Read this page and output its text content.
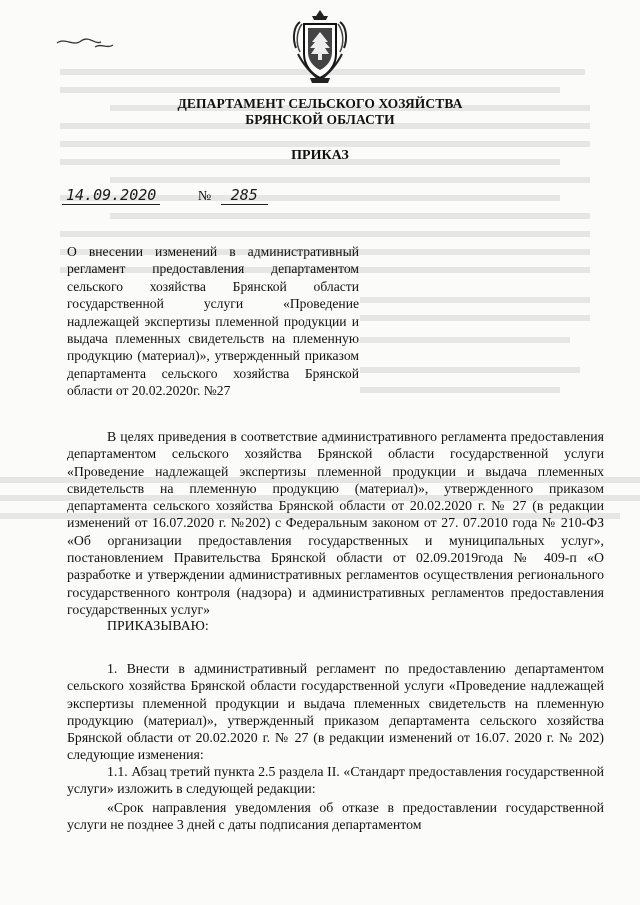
ДЕПАРТАМЕНТ СЕЛЬСКОГО ХОЗЯЙСТВА
БРЯНСКОЙ ОБЛАСТИ
ПРИКАЗ
14.09.2020	№ 285
О внесении изменений в административный регламент предоставления департаментом сельского хозяйства Брянской области государственной услуги «Проведение надлежащей экспертизы племенной продукции и выдача племенных свидетельств на племенную продукцию (материал)», утвержденный приказом департамента сельского хозяйства Брянской области от 20.02.2020г. №27

В целях приведения в соответствие административного регламента предоставления департаментом сельского хозяйства Брянской области государственной услуги «Проведение надлежащей экспертизы племенной продукции и выдача племенных свидетельств на племенную продукцию (материал)», утвержденного приказом департамента сельского хозяйства Брянской области от 20.02.2020 г. № 27 (в редакции изменений от 16.07.2020 г. №202) с Федеральным законом от 27. 07.2010 года № 210-ФЗ «Об организации предоставления государственных и муниципальных услуг», постановлением Правительства Брянской области от 02.09.2019года № 409-п «О разработке и утверждении административных регламентов осуществления регионального государственного контроля (надзора) и административных регламентов предоставления государственных услуг»

ПРИКАЗЫВАЮ:

1. Внести в административный регламент по предоставлению департаментом сельского хозяйства Брянской области государственной услуги «Проведение надлежащей экспертизы племенной продукции и выдача племенных свидетельств на племенную продукцию (материал)», утвержденный приказом департамента сельского хозяйства Брянской области от 20.02.2020 г. № 27 (в редакции изменений от 16.07. 2020 г. № 202) следующие изменения:

1.1. Абзац третий пункта 2.5 раздела II. «Стандарт предоставления государственной услуги» изложить в следующей редакции:

«Срок направления уведомления об отказе в предоставлении государственной услуги не позднее 3 дней с даты подписания департаментом
